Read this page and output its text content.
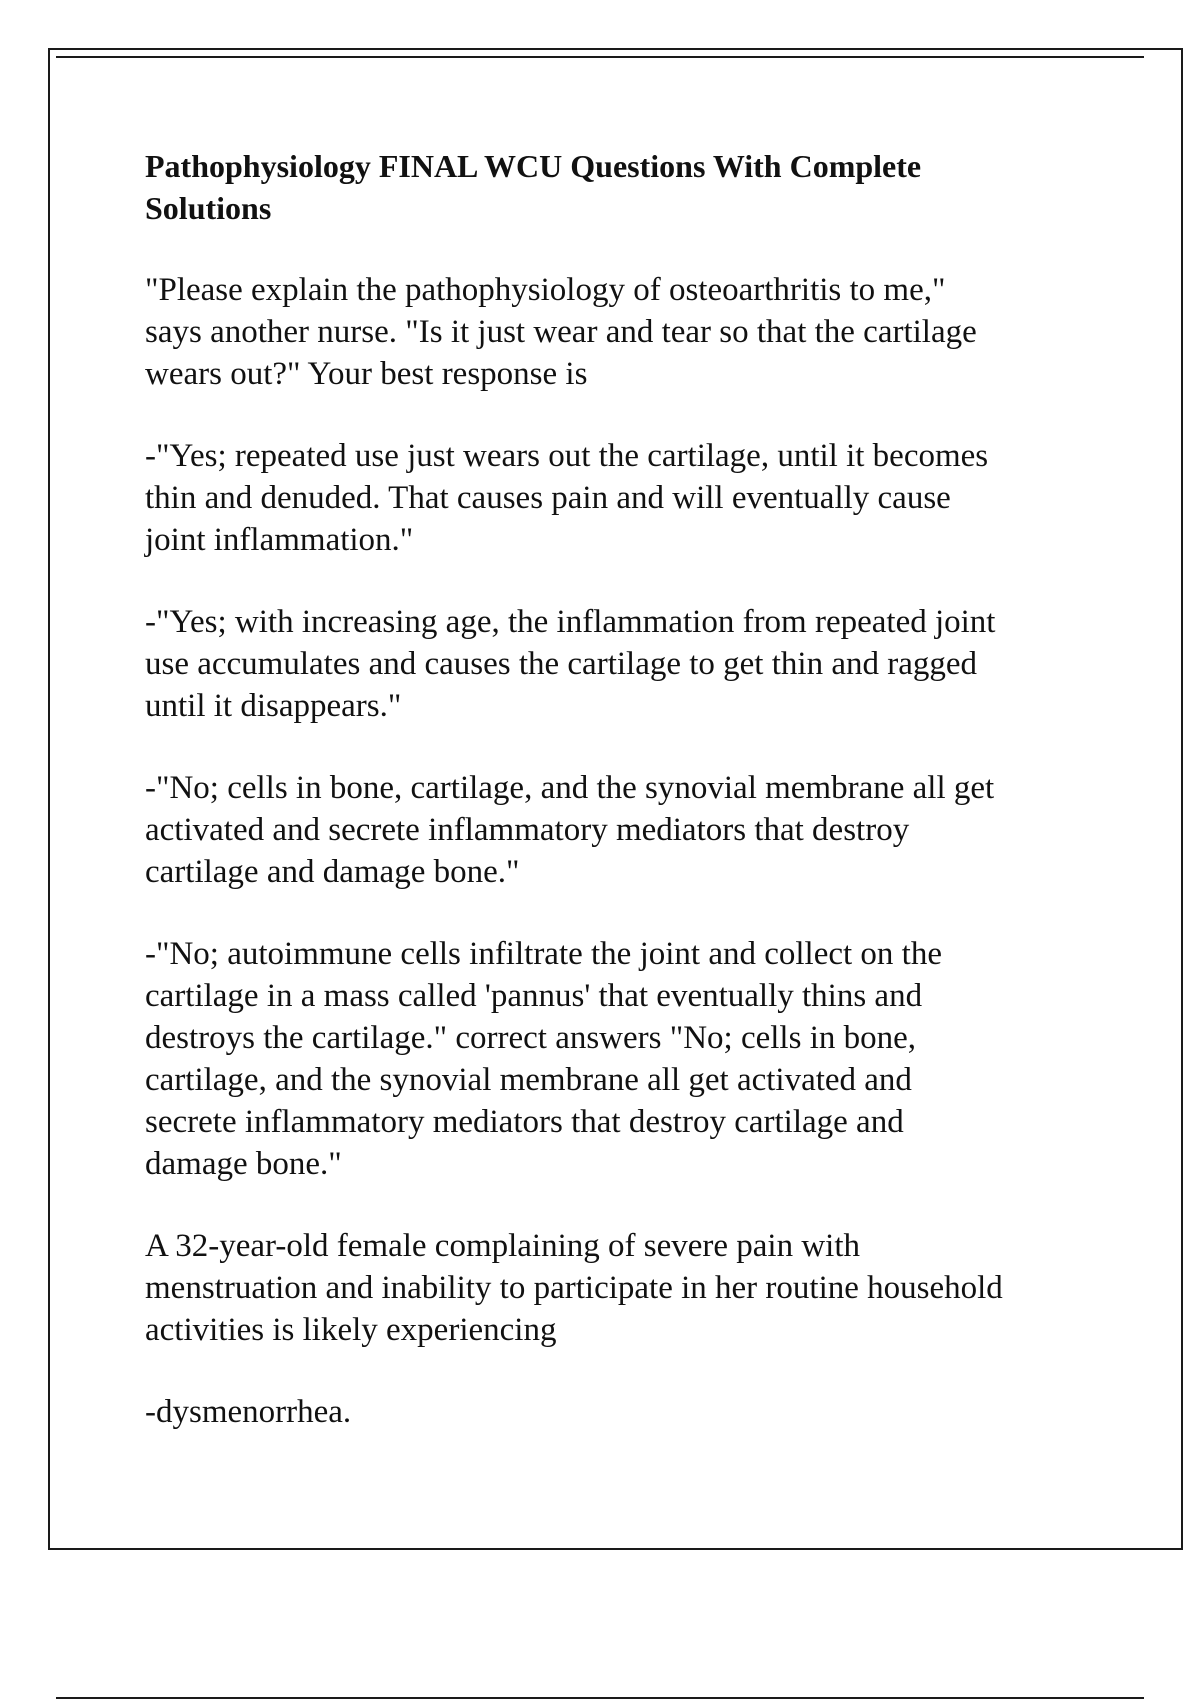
Pathophysiology FINAL WCU Questions With Complete
Solutions

"Please explain the pathophysiology of osteoarthritis to me,"
says another nurse. "Is it just wear and tear so that the cartilage
wears out?" Your best response is

-"Yes; repeated use just wears out the cartilage, until it becomes
thin and denuded. That causes pain and will eventually cause
joint inflammation."

-"Yes; with increasing age, the inflammation from repeated joint
use accumulates and causes the cartilage to get thin and ragged
until it disappears."

-"No; cells in bone, cartilage, and the synovial membrane all get
activated and secrete inflammatory mediators that destroy
cartilage and damage bone."

-"No; autoimmune cells infiltrate the joint and collect on the
cartilage in a mass called 'pannus' that eventually thins and
destroys the cartilage." correct answers "No; cells in bone,
cartilage, and the synovial membrane all get activated and
secrete inflammatory mediators that destroy cartilage and
damage bone."

A 32-year-old female complaining of severe pain with
menstruation and inability to participate in her routine household
activities is likely experiencing

-dysmenorrhea.
